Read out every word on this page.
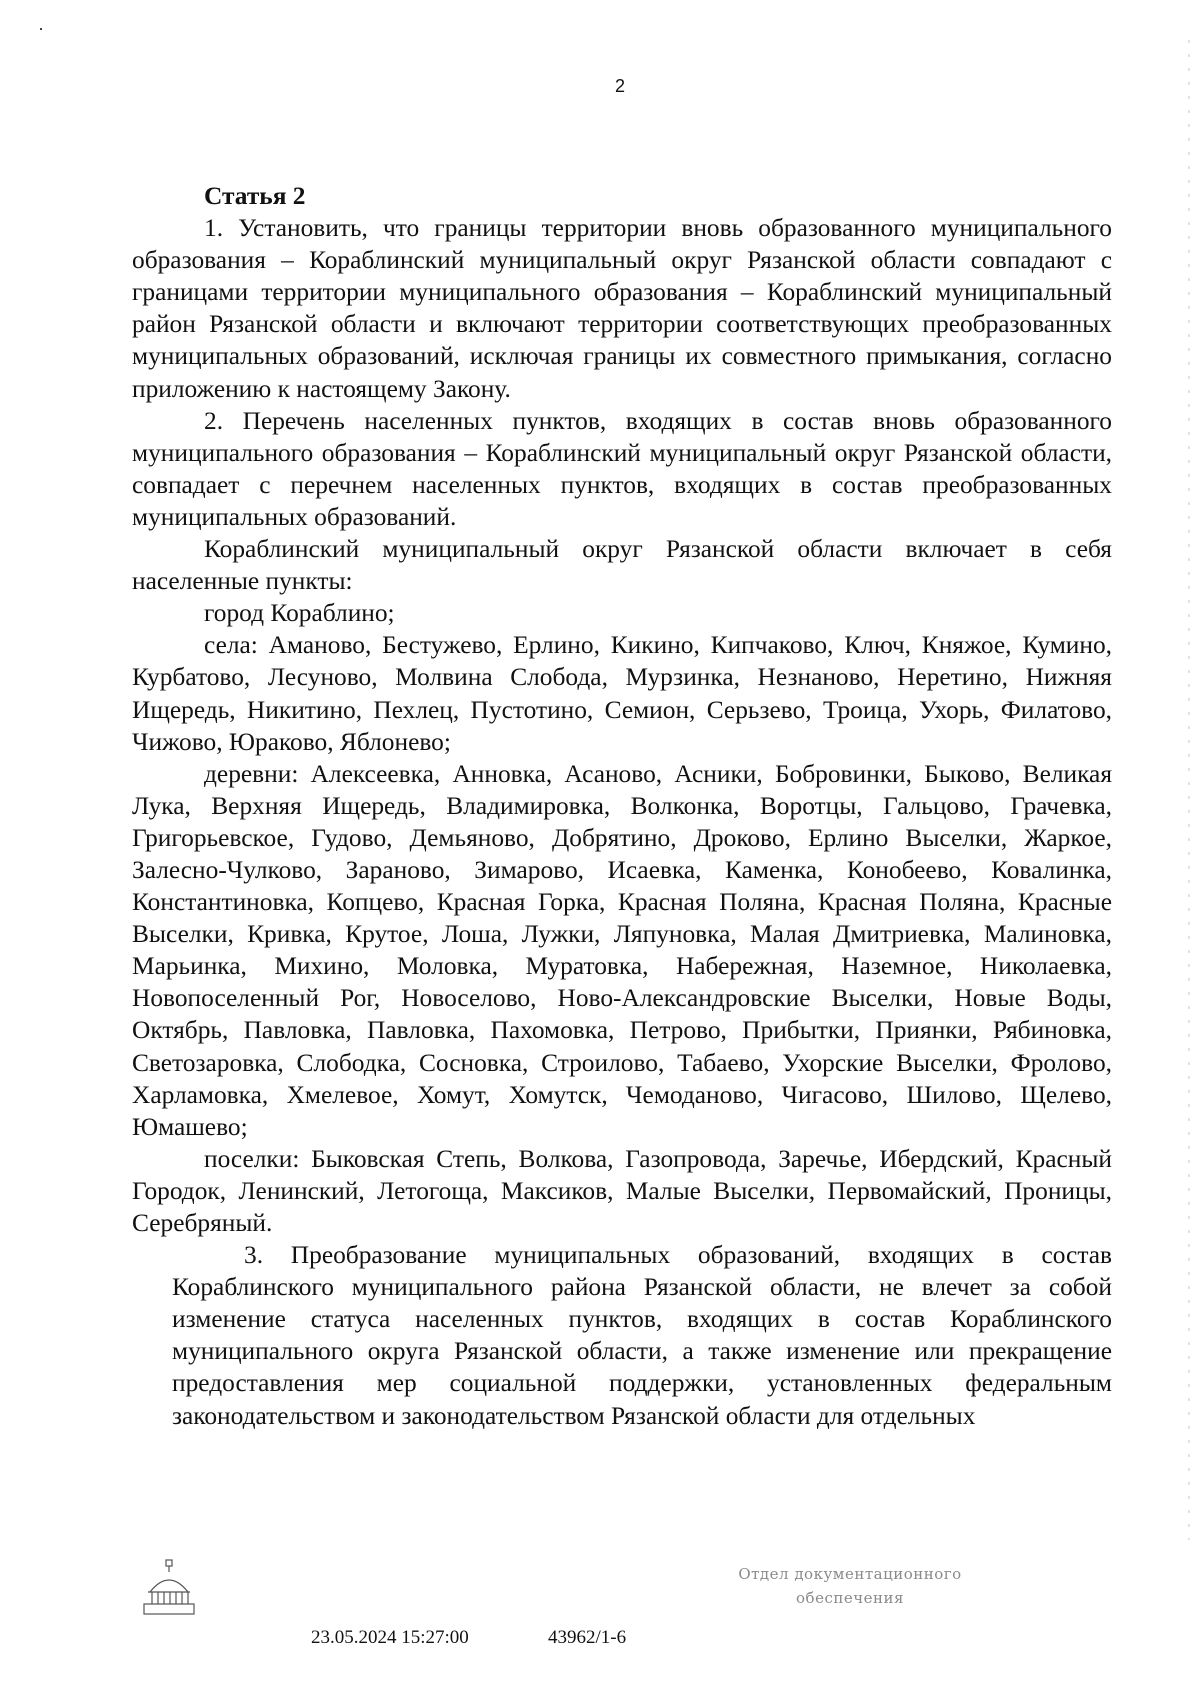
2

Статья 2

1. Установить, что границы территории вновь образованного муниципального образования – Кораблинский муниципальный округ Рязанской области совпадают с границами территории муниципального образования – Кораблинский муниципальный район Рязанской области и включают территории соответствующих преобразованных муниципальных образований, исключая границы их совместного примыкания, согласно приложению к настоящему Закону.

2. Перечень населенных пунктов, входящих в состав вновь образованного муниципального образования – Кораблинский муниципальный округ Рязанской области, совпадает с перечнем населенных пунктов, входящих в состав преобразованных муниципальных образований.

Кораблинский муниципальный округ Рязанской области включает в себя населенные пункты:

город Кораблино;

села: Аманово, Бестужево, Ерлино, Кикино, Кипчаково, Ключ, Княжое, Кумино, Курбатово, Лесуново, Молвина Слобода, Мурзинка, Незнаново, Неретино, Нижняя Ищередь, Никитино, Пехлец, Пустотино, Семион, Серьзево, Троица, Ухорь, Филатово, Чижово, Юраково, Яблонево;

деревни: Алексеевка, Анновка, Асаново, Асники, Бобровинки, Быково, Великая Лука, Верхняя Ищередь, Владимировка, Волконка, Воротцы, Гальцово, Грачевка, Григорьевское, Гудово, Демьяново, Добрятино, Дроково, Ерлино Выселки, Жаркое, Залесно-Чулково, Зараново, Зимарово, Исаевка, Каменка, Конобеево, Ковалинка, Константиновка, Копцево, Красная Горка, Красная Поляна, Красная Поляна, Красные Выселки, Кривка, Крутое, Лоша, Лужки, Ляпуновка, Малая Дмитриевка, Малиновка, Марьинка, Михино, Моловка, Муратовка, Набережная, Наземное, Николаевка, Новопоселенный Рог, Новоселово, Ново-Александровские Выселки, Новые Воды, Октябрь, Павловка, Павловка, Пахомовка, Петрово, Прибытки, Приянки, Рябиновка, Светозаровка, Слободка, Сосновка, Строилово, Табаево, Ухорские Выселки, Фролово, Харламовка, Хмелевое, Хомут, Хомутск, Чемоданово, Чигасово, Шилово, Щелево, Юмашево;

поселки: Быковская Степь, Волкова, Газопровода, Заречье, Ибердский, Красный Городок, Ленинский, Летогоща, Максиков, Малые Выселки, Первомайский, Проницы, Серебряный.

3. Преобразование муниципальных образований, входящих в состав Кораблинского муниципального района Рязанской области, не влечет за собой изменение статуса населенных пунктов, входящих в состав Кораблинского муниципального округа Рязанской области, а также изменение или прекращение предоставления мер социальной поддержки, установленных федеральным законодательством и законодательством Рязанской области для отдельных

23.05.2024 15:27:00	43962/1-6
Отдел документационного
обеспечения
